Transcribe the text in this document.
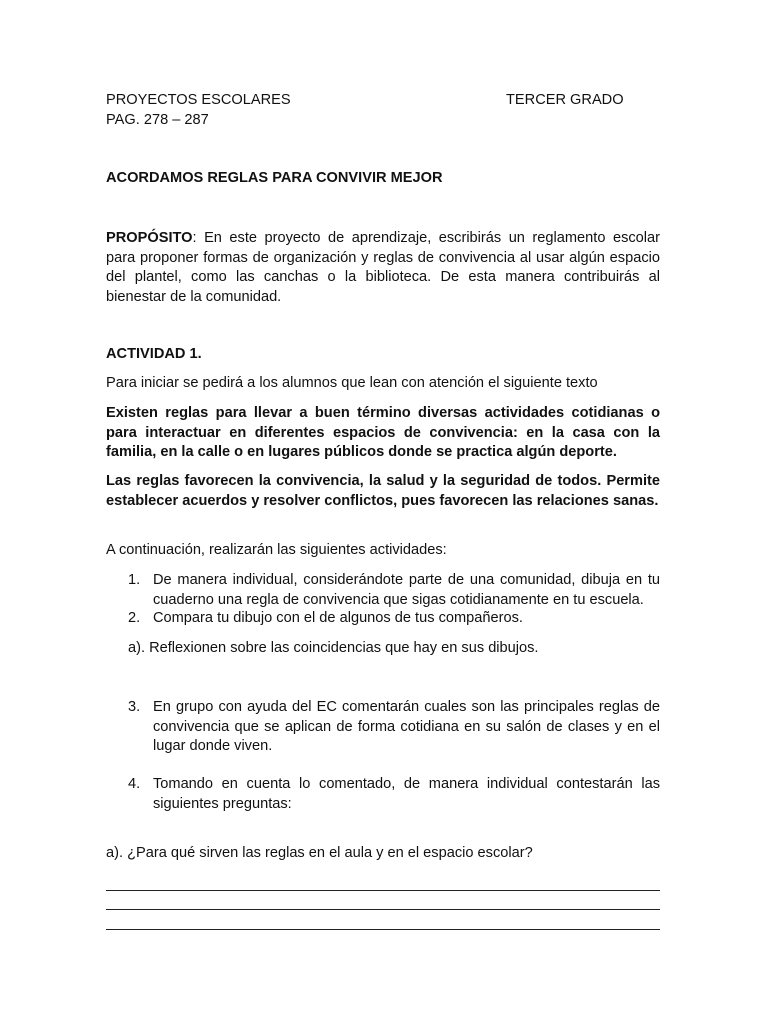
PROYECTOS ESCOLARES
PAG. 278 – 287
TERCER GRADO
ACORDAMOS REGLAS PARA CONVIVIR MEJOR
PROPÓSITO: En este proyecto de aprendizaje, escribirás un reglamento escolar para proponer formas de organización y reglas de convivencia al usar algún espacio del plantel, como las canchas o la biblioteca. De esta manera contribuirás al bienestar de la comunidad.
ACTIVIDAD 1.
Para iniciar se pedirá a los alumnos que lean con atención el siguiente texto
Existen reglas para llevar a buen término diversas actividades cotidianas o para interactuar en diferentes espacios de convivencia: en la casa con la familia, en la calle o en lugares públicos donde se practica algún deporte.
Las reglas favorecen la convivencia, la salud y la seguridad de todos. Permite establecer acuerdos y resolver conflictos, pues favorecen las relaciones sanas.
A continuación, realizarán las siguientes actividades:
1. De manera individual, considerándote parte de una comunidad, dibuja en tu cuaderno una regla de convivencia que sigas cotidianamente en tu escuela.
2. Compara tu dibujo con el de algunos de tus compañeros.
a). Reflexionen sobre las coincidencias que hay en sus dibujos.
3. En grupo con ayuda del EC comentarán cuales son las principales reglas de convivencia que se aplican de forma cotidiana en su salón de clases y en el lugar donde viven.
4. Tomando en cuenta lo comentado, de manera individual contestarán las siguientes preguntas:
a). ¿Para qué sirven las reglas en el aula y en el espacio escolar?
